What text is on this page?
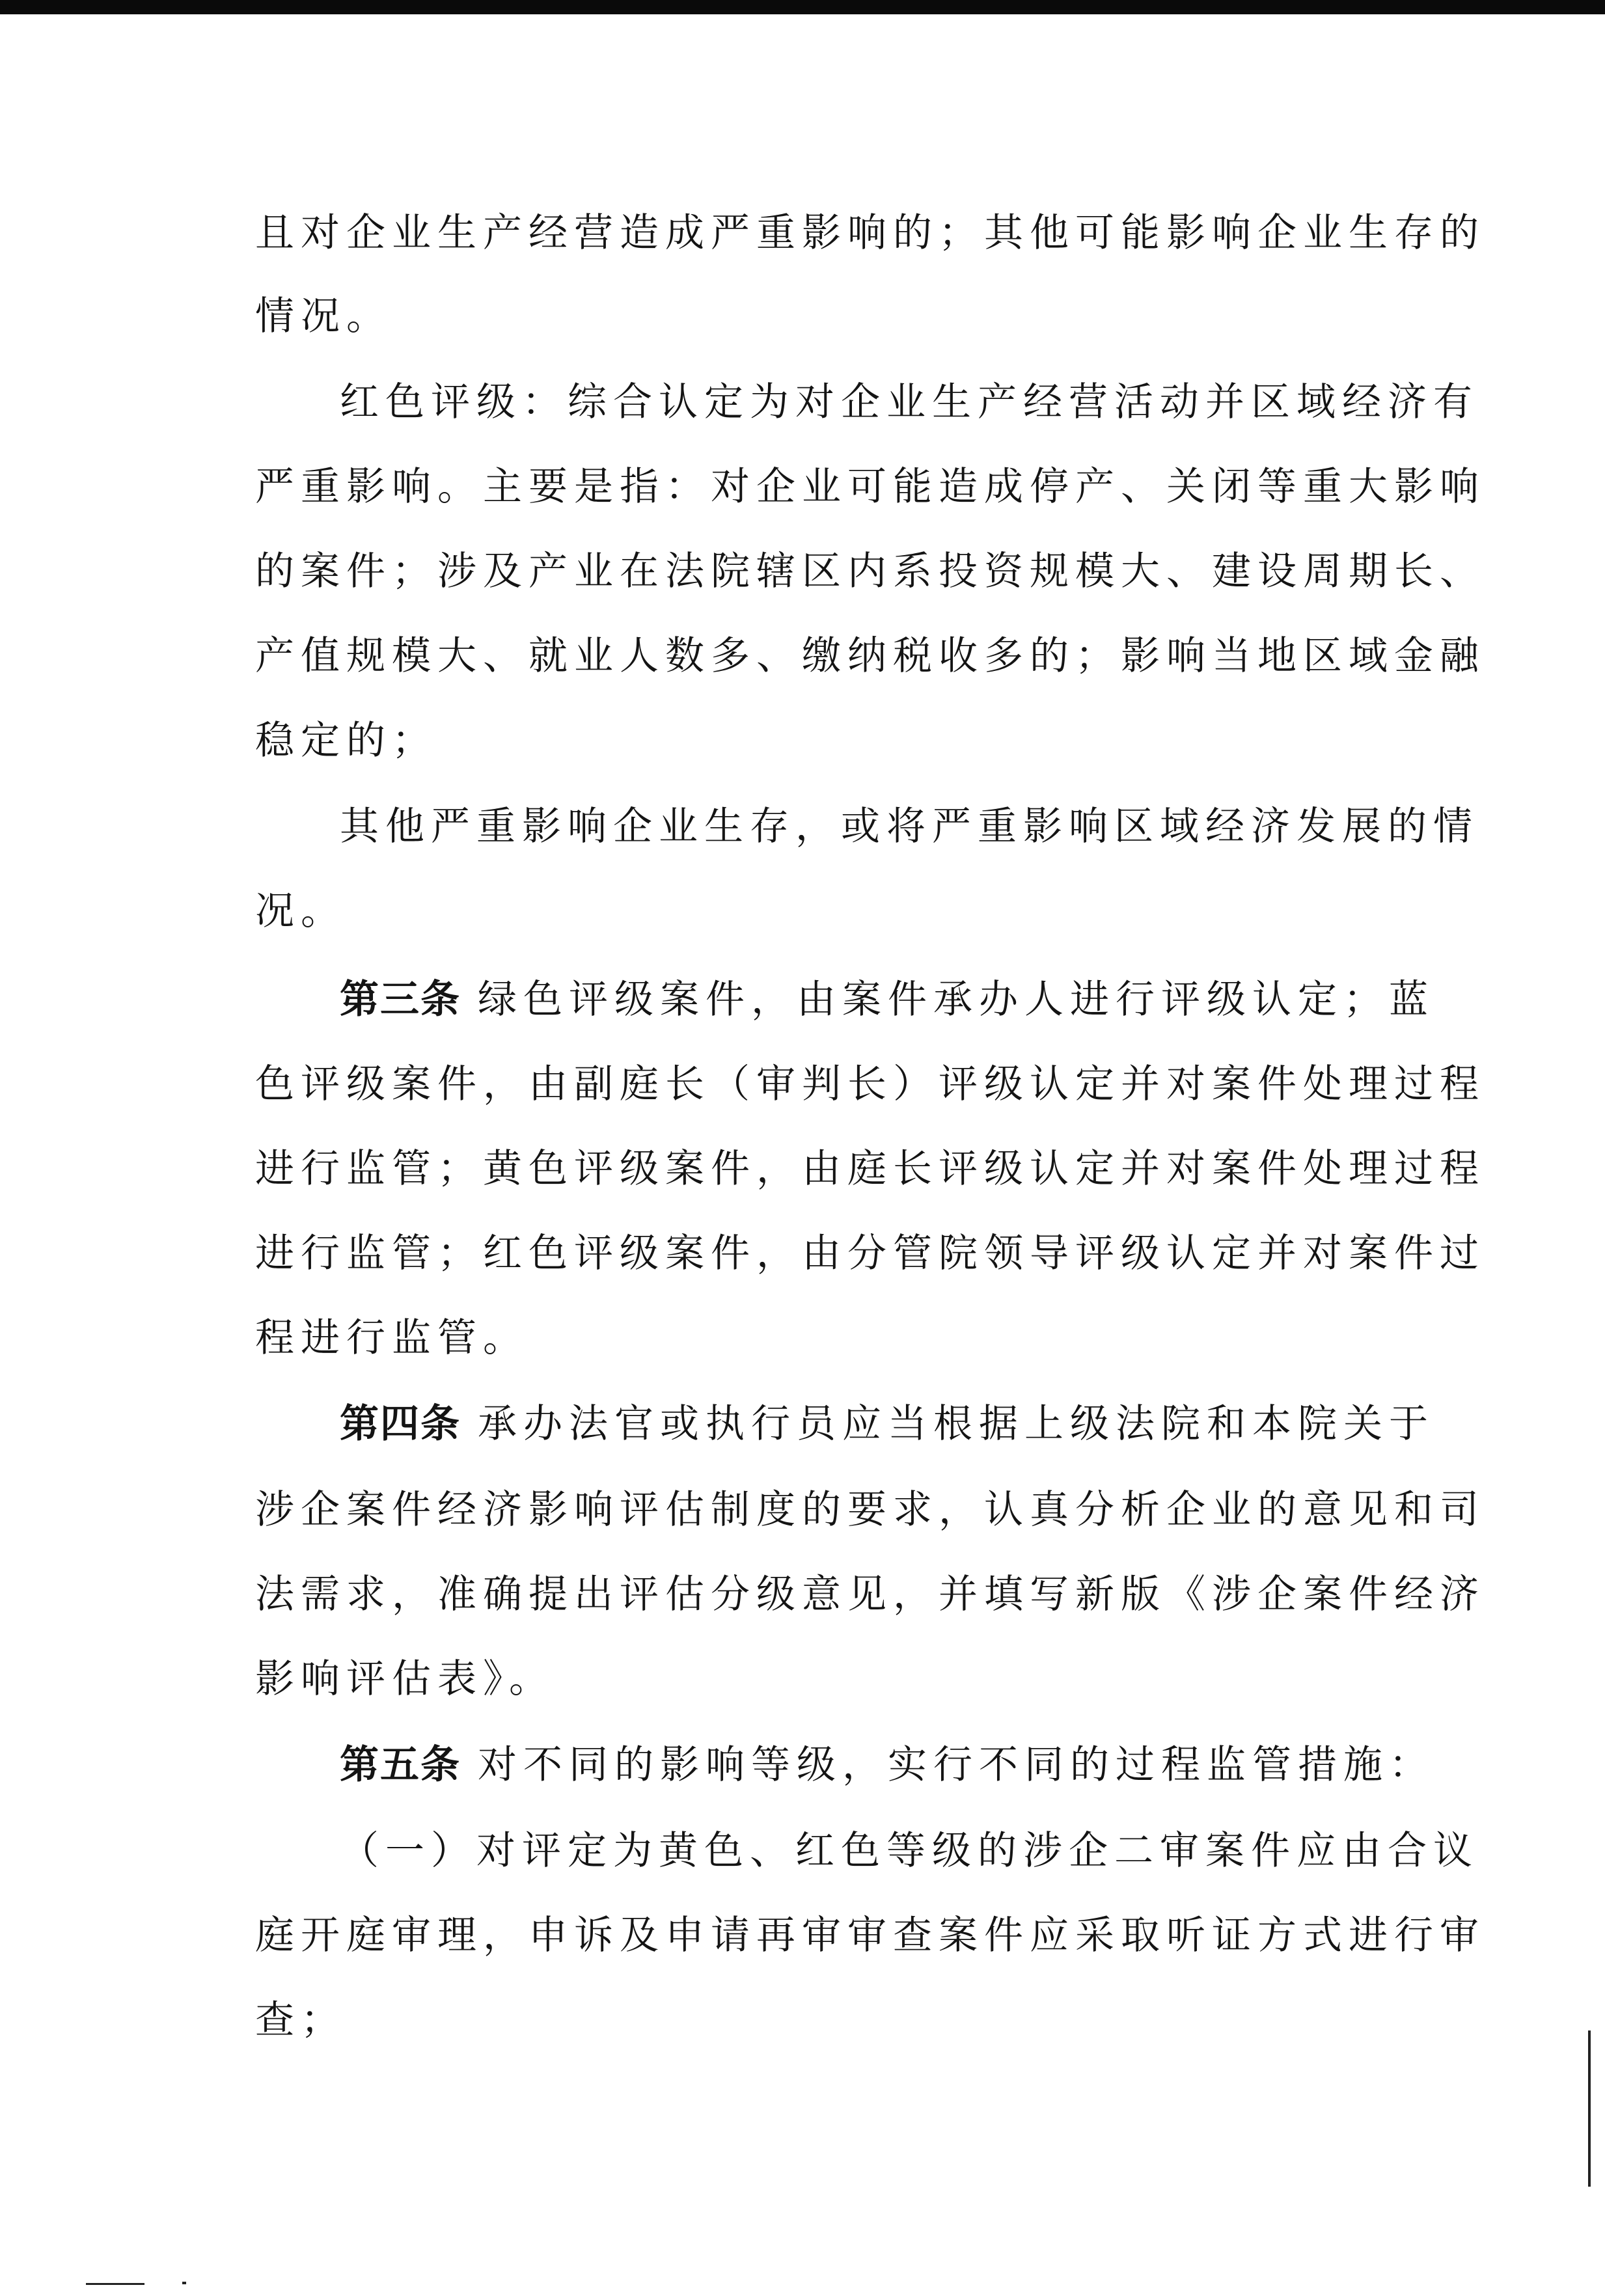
且对企业生产经营造成严重影响的；其他可能影响企业生存的
情况。
红色评级：综合认定为对企业生产经营活动并区域经济有
严重影响。主要是指：对企业可能造成停产、关闭等重大影响
的案件；涉及产业在法院辖区内系投资规模大、建设周期长、
产值规模大、就业人数多、缴纳税收多的；影响当地区域金融
稳定的；
其他严重影响企业生存，或将严重影响区域经济发展的情
况。
第三条 绿色评级案件，由案件承办人进行评级认定；蓝
色评级案件，由副庭长（审判长）评级认定并对案件处理过程
进行监管；黄色评级案件，由庭长评级认定并对案件处理过程
进行监管；红色评级案件，由分管院领导评级认定并对案件过
程进行监管。
第四条 承办法官或执行员应当根据上级法院和本院关于
涉企案件经济影响评估制度的要求，认真分析企业的意见和司
法需求，准确提出评估分级意见，并填写新版《涉企案件经济
影响评估表》。
第五条 对不同的影响等级，实行不同的过程监管措施：
（一）对评定为黄色、红色等级的涉企二审案件应由合议
庭开庭审理，申诉及申请再审审查案件应采取听证方式进行审
查；
